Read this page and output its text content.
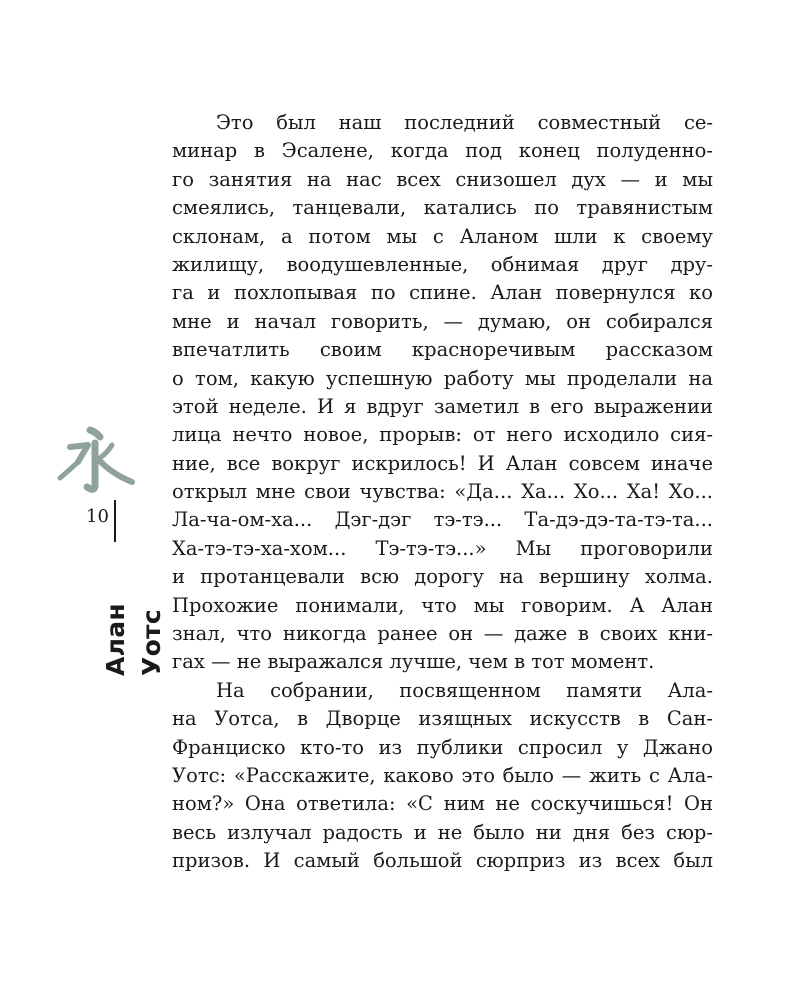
10
Алан Уотс
Это был наш последний совместный се-
минар в Эсалене, когда под конец полуденно-
го занятия на нас всех снизошел дух — и мы
смеялись, танцевали, катались по травянистым
склонам, а потом мы с Аланом шли к своему
жилищу, воодушевленные, обнимая друг дру-
га и похлопывая по спине. Алан повернулся ко
мне и начал говорить, — думаю, он собирался
впечатлить своим красноречивым рассказом
о том, какую успешную работу мы проделали на
этой неделе. И я вдруг заметил в его выражении
лица нечто новое, прорыв: от него исходило сия-
ние, все вокруг искрилось! И Алан совсем иначе
открыл мне свои чувства: «Да... Ха... Хо... Ха! Хо...
Ла-ча-ом-ха... Дэг-дэг тэ-тэ... Та-дэ-дэ-та-тэ-та...
Ха-тэ-тэ-ха-хом... Тэ-тэ-тэ...» Мы проговорили
и протанцевали всю дорогу на вершину холма.
Прохожие понимали, что мы говорим. А Алан
знал, что никогда ранее он — даже в своих кни-
гах — не выражался лучше, чем в тот момент.
На собрании, посвященном памяти Ала-
на Уотса, в Дворце изящных искусств в Сан-
Франциско кто-то из публики спросил у Джано
Уотс: «Расскажите, каково это было — жить с Ала-
ном?» Она ответила: «С ним не соскучишься! Он
весь излучал радость и не было ни дня без сюр-
призов. И самый большой сюрприз из всех был
